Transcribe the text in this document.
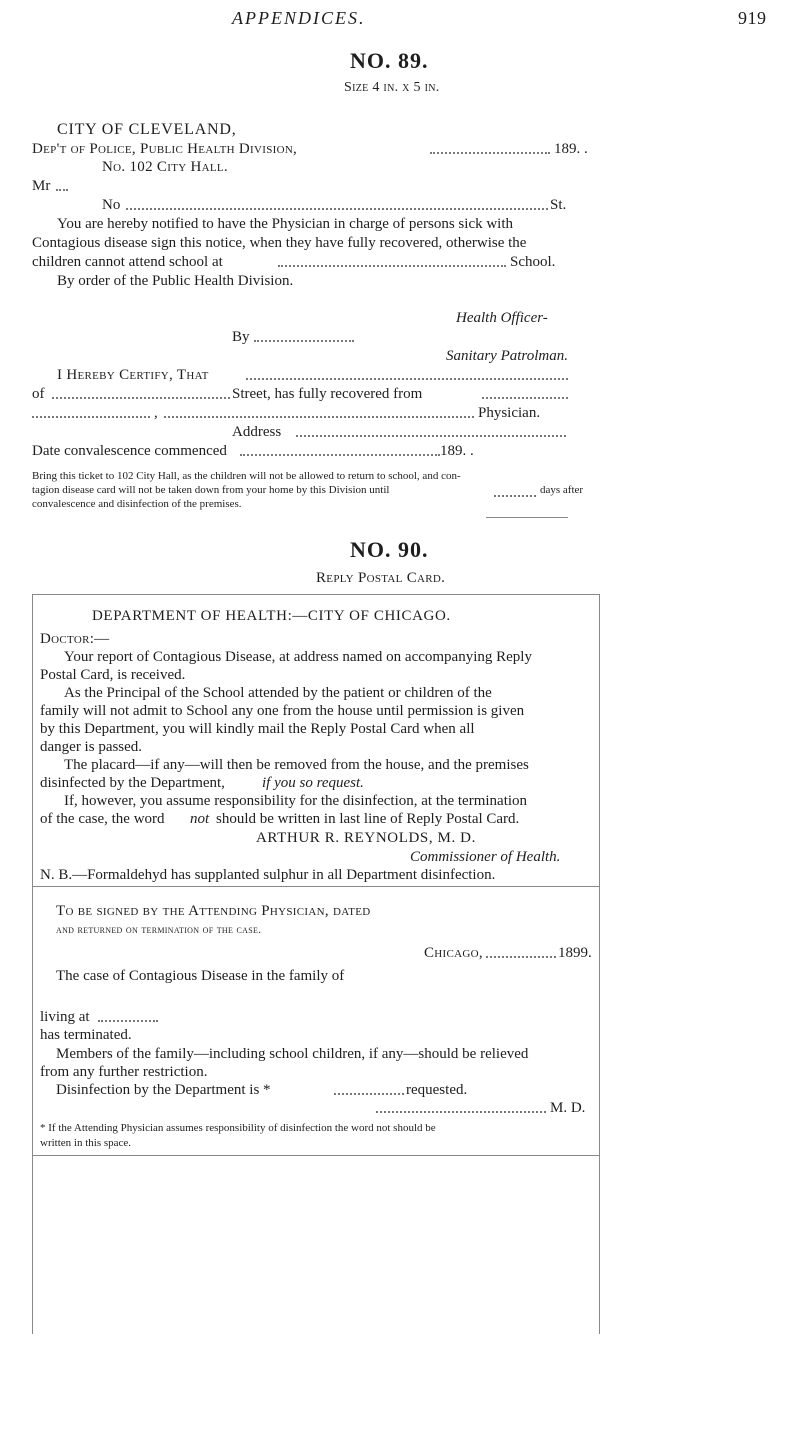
APPENDICES.	919
NO. 89.
Size 4 in. x 5 in.
CITY OF CLEVELAND,
Dep't of Police, Public Health Division,	189. .
No. 102 City Hall.
Mr
No	St.
You are hereby notified to have the Physician in charge of persons sick with
Contagious disease sign this notice, when they have fully recovered, otherwise the
children cannot attend school at	School.
By order of the Public Health Division.
Health Officer-
By
Sanitary Patrolman.
I Hereby Certify, That
of	Street, has fully recovered from
,	Physician.
Address
Date convalescence commenced	189. .
Bring this ticket to 102 City Hall, as the children will not be allowed to return to school, and con-
tagion disease card will not be taken down from your home by this Division until	days after
convalescence and disinfection of the premises.
NO. 90.
Reply Postal Card.
DEPARTMENT OF HEALTH:—CITY OF CHICAGO.
Doctor:—
Your report of Contagious Disease, at address named on accompanying Reply
Postal Card, is received.
As the Principal of the School attended by the patient or children of the
family will not admit to School any one from the house until permission is given
by this Department, you will kindly mail the Reply Postal Card when all
danger is passed.
The placard—if any—will then be removed from the house, and the premises
disinfected by the Department, if you so request.
If, however, you assume responsibility for the disinfection, at the termination
of the case, the word not should be written in last line of Reply Postal Card.
ARTHUR R. REYNOLDS, M. D.
Commissioner of Health.
N. B.—Formaldehyd has supplanted sulphur in all Department disinfection.
To be signed by the Attending Physician, dated
and returned on termination of the case.
Chicago,	1899.
The case of Contagious Disease in the family of
living at
has terminated.
Members of the family—including school children, if any—should be relieved
from any further restriction.
Disinfection by the Department is *	requested.
M. D.
* If the Attending Physician assumes responsibility of disinfection the word not should be
written in this space.
